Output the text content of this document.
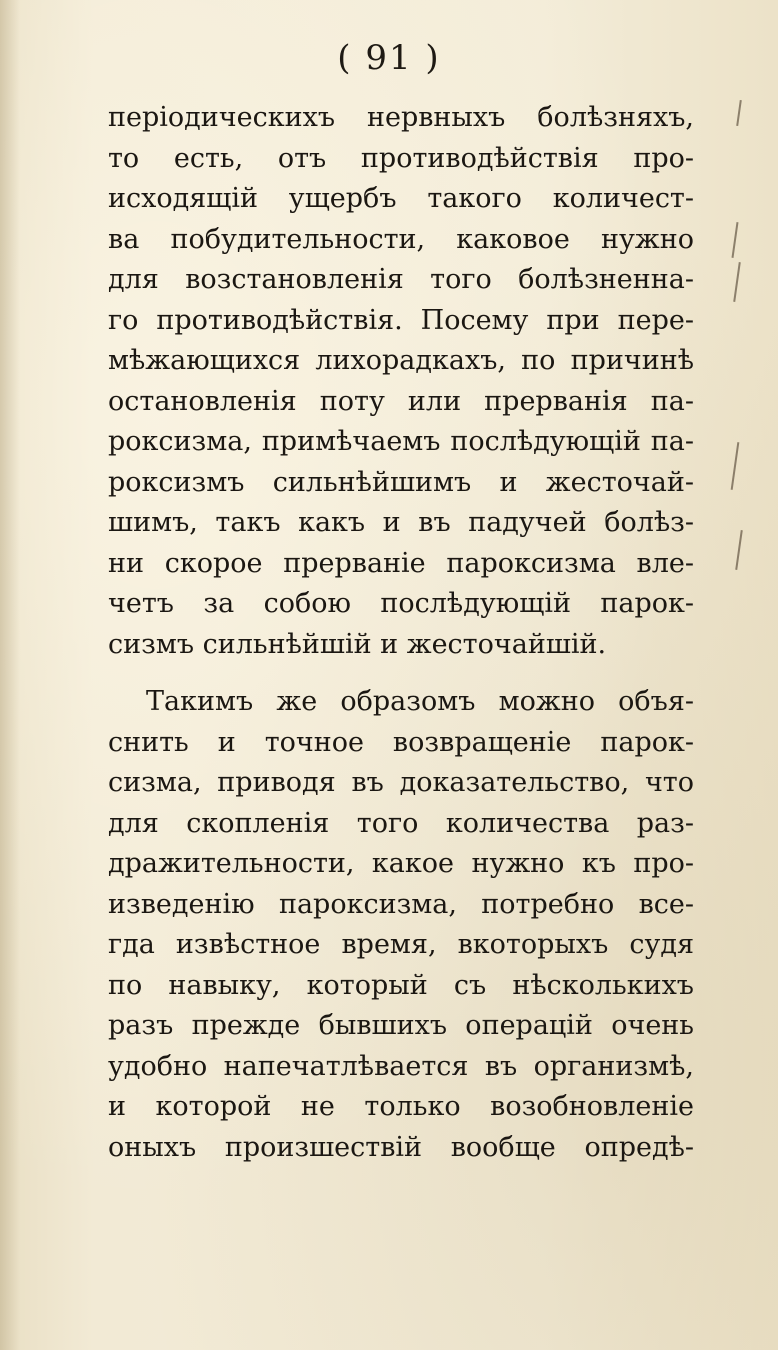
( 91 )
періодическихъ нервныхъ болѣзняхъ,
то есть, отъ противодѣйствія про-
исходящій ущербъ такого количест-
ва побудительности, каковое нужно
для возстановленія того болѣзненна-
го противодѣйствія. Посему при пере-
мѣжающихся лихорадкахъ, по причинѣ
остановленія поту или прерванія па-
роксизма, примѣчаемъ послѣдующій па-
роксизмъ сильнѣйшимъ и жесточай-
шимъ, такъ какъ и въ падучей болѣз-
ни скорое прерваніе пароксизма вле-
четъ за собою послѣдующій парок-
сизмъ сильнѣйшій и жесточайшій.
Такимъ же образомъ можно объя-
снить и точное возвращеніе парок-
сизма, приводя въ доказательство, что
для скопленія того количества раз-
дражительности, какое нужно къ про-
изведенію пароксизма, потребно все-
гда извѣстное время, вкоторыхъ судя
по навыку, который съ нѣсколькихъ
разъ прежде бывшихъ операцій очень
удобно напечатлѣвается въ организмѣ,
и которой не только возобновленіе
оныхъ произшествій вообще опредѣ-
